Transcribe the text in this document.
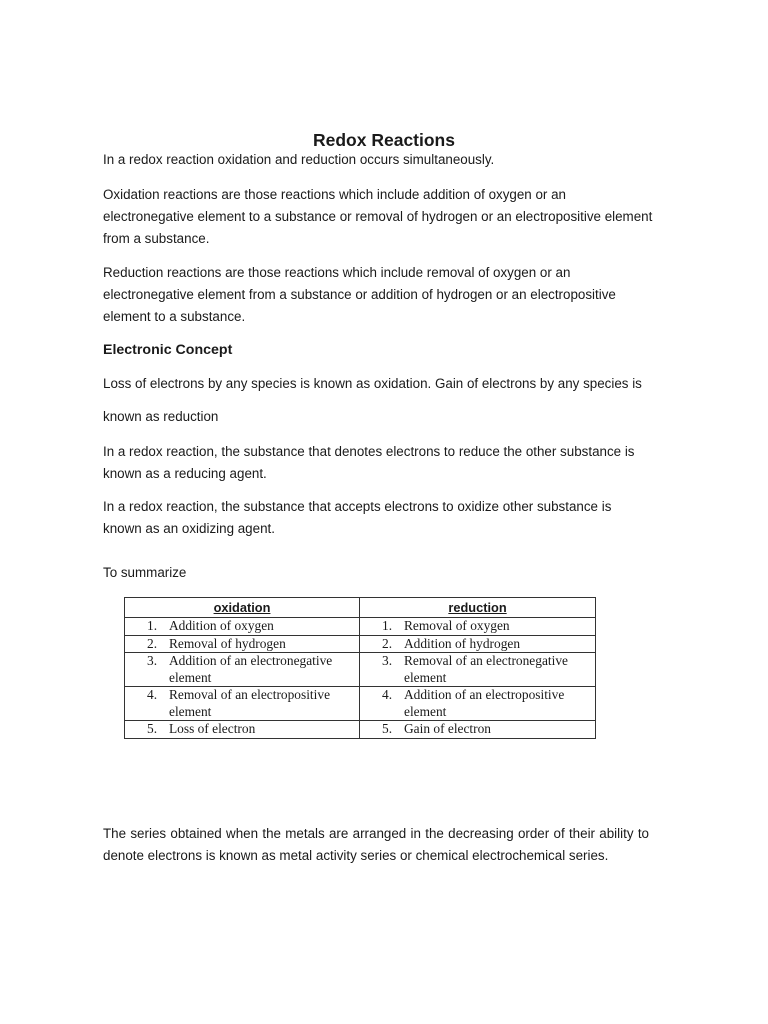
Redox Reactions

In a redox reaction oxidation and reduction occurs simultaneously.

Oxidation reactions are those reactions which include addition of oxygen or an electronegative element to a substance or removal of hydrogen or an electropositive element from a substance.

Reduction reactions are those reactions which include removal of oxygen or an electronegative element from a substance or addition of hydrogen or an electropositive element to a substance.

Electronic Concept

Loss of electrons by any species is known as oxidation. Gain of electrons by any species is

known as reduction

In a redox reaction, the substance that denotes electrons to reduce the other substance is known as a reducing agent.

In a redox reaction, the substance that accepts electrons to oxidize other substance is known as an oxidizing agent.

To summarize

oxidation	reduction

1. Addition of oxygen	1. Removal of oxygen

2. Removal of hydrogen	2. Addition of hydrogen

3. Addition of an electronegative element	3. Removal of an electronegative element

4. Removal of an electropositive element	4. Addition of an electropositive element

5. Loss of electron	5. Gain of electron

The series obtained when the metals are arranged in the decreasing order of their ability to denote electrons is known as metal activity series or chemical electrochemical series.
